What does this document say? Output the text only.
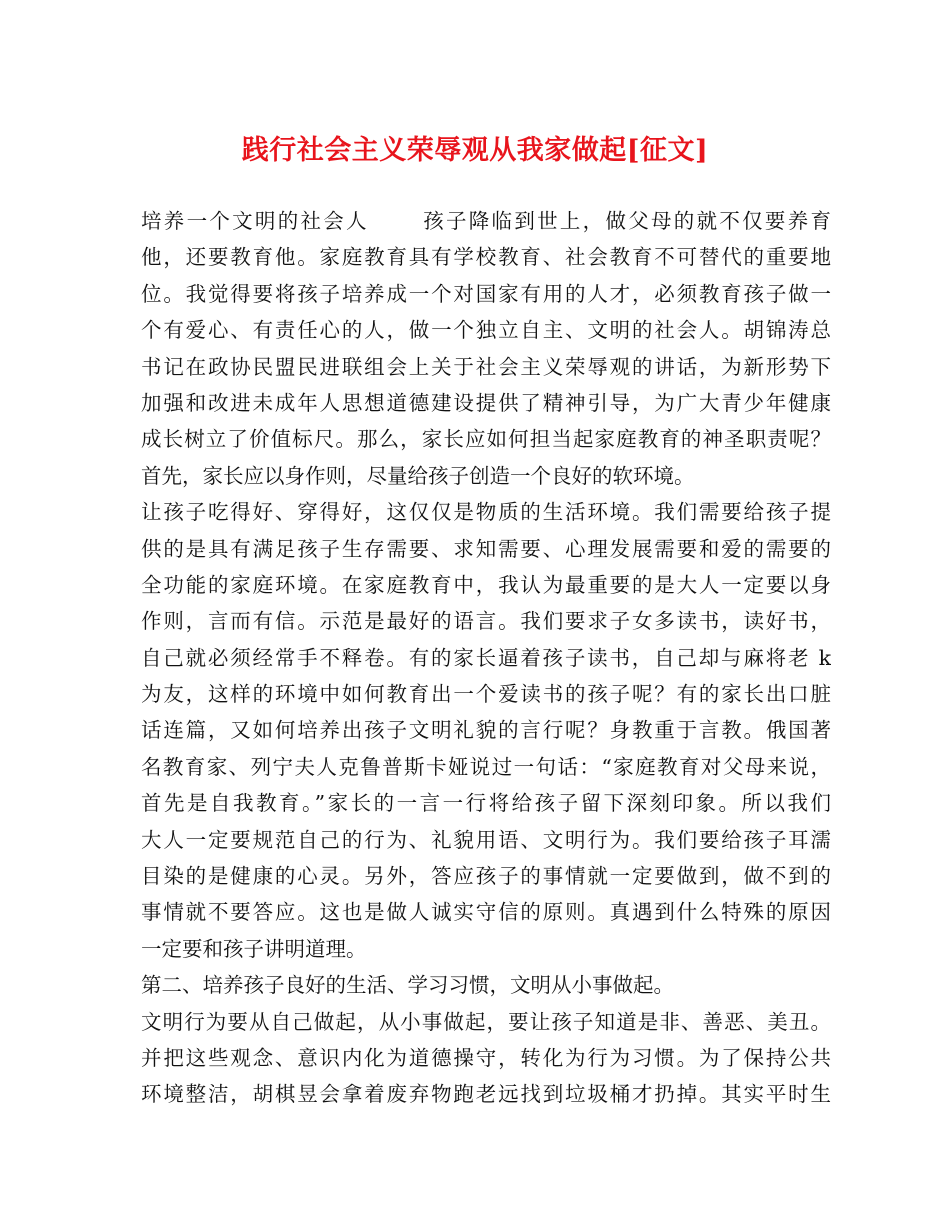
践行社会主义荣辱观从我家做起[征文]
培养一个文明的社会人　　 孩子降临到世上，做父母的就不仅要养育
他，还要教育他。家庭教育具有学校教育、社会教育不可替代的重要地
位。我觉得要将孩子培养成一个对国家有用的人才，必须教育孩子做一
个有爱心、有责任心的人，做一个独立自主、文明的社会人。胡锦涛总
书记在政协民盟民进联组会上关于社会主义荣辱观的讲话，为新形势下
加强和改进未成年人思想道德建设提供了精神引导，为广大青少年健康
成长树立了价值标尺。那么，家长应如何担当起家庭教育的神圣职责呢？
首先，家长应以身作则，尽量给孩子创造一个良好的软环境。
让孩子吃得好、穿得好，这仅仅是物质的生活环境。我们需要给孩子提
供的是具有满足孩子生存需要、求知需要、心理发展需要和爱的需要的
全功能的家庭环境。在家庭教育中，我认为最重要的是大人一定要以身
作则，言而有信。示范是最好的语言。我们要求子女多读书，读好书，
自己就必须经常手不释卷。有的家长逼着孩子读书，自己却与麻将老 k
为友，这样的环境中如何教育出一个爱读书的孩子呢？有的家长出口脏
话连篇，又如何培养出孩子文明礼貌的言行呢？身教重于言教。俄国著
名教育家、列宁夫人克鲁普斯卡娅说过一句话：“家庭教育对父母来说，
首先是自我教育。”家长的一言一行将给孩子留下深刻印象。所以我们
大人一定要规范自己的行为、礼貌用语、文明行为。我们要给孩子耳濡
目染的是健康的心灵。另外，答应孩子的事情就一定要做到，做不到的
事情就不要答应。这也是做人诚实守信的原则。真遇到什么特殊的原因
一定要和孩子讲明道理。
第二、培养孩子良好的生活、学习习惯，文明从小事做起。
文明行为要从自己做起，从小事做起，要让孩子知道是非、善恶、美丑。
并把这些观念、意识内化为道德操守，转化为行为习惯。为了保持公共
环境整洁，胡棋昱会拿着废弃物跑老远找到垃圾桶才扔掉。其实平时生
